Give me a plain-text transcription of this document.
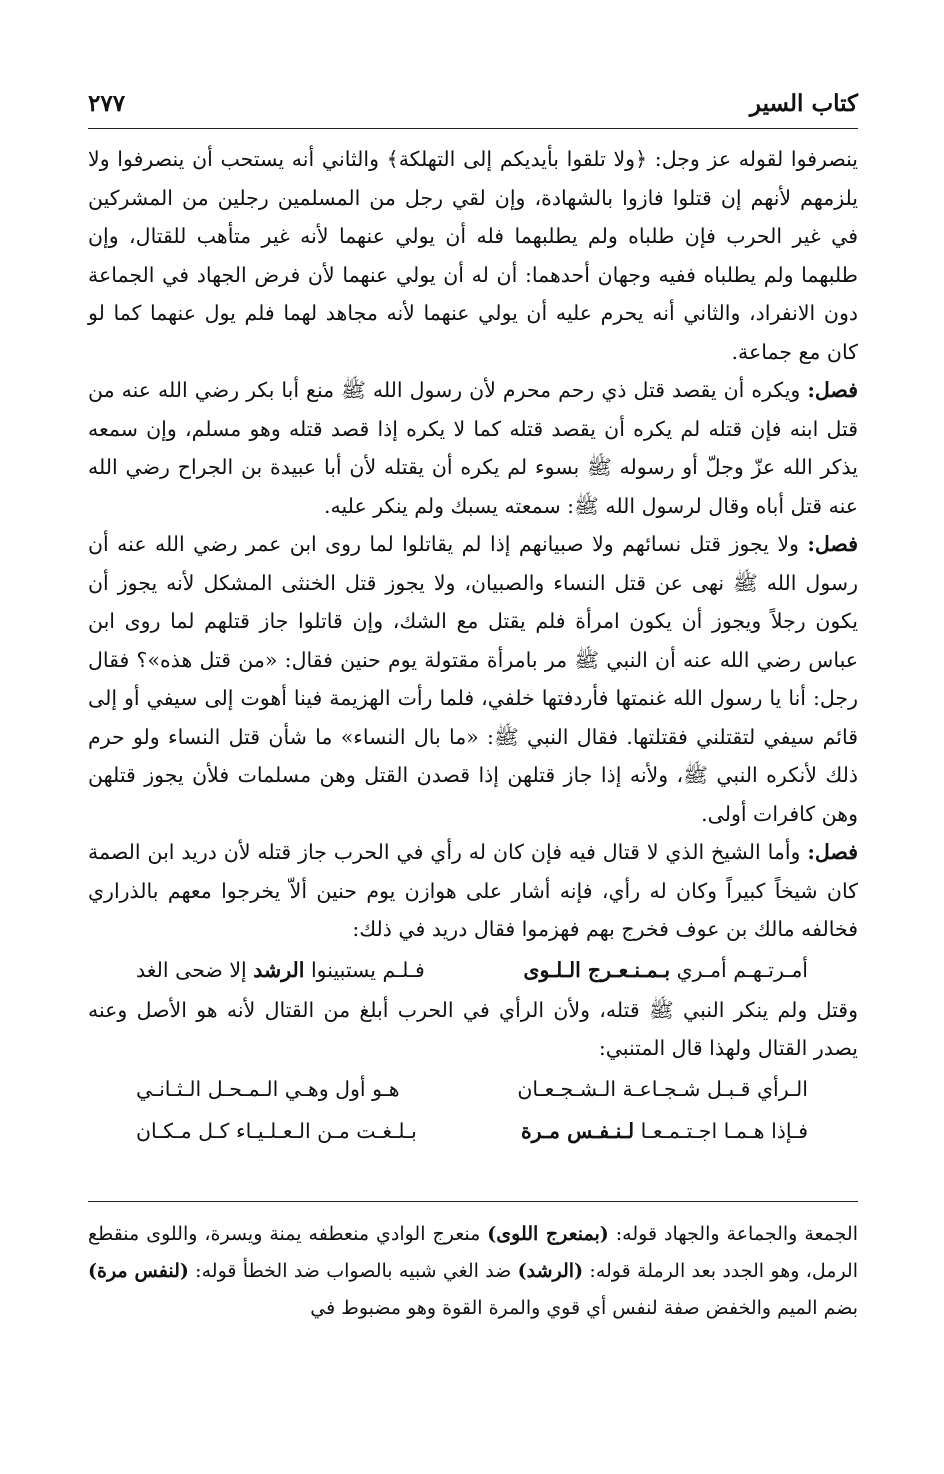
كتاب السير
٢٧٧

ينصرفوا لقوله عز وجل: ﴿ولا تلقوا بأيديكم إلى التهلكة﴾ والثاني أنه يستحب أن ينصرفوا ولا يلزمهم لأنهم إن قتلوا فازوا بالشهادة، وإن لقي رجل من المسلمين رجلين من المشركين في غير الحرب فإن طلباه ولم يطلبهما فله أن يولي عنهما لأنه غير متأهب للقتال، وإن طلبهما ولم يطلباه ففيه وجهان أحدهما: أن له أن يولي عنهما لأن فرض الجهاد في الجماعة دون الانفراد، والثاني أنه يحرم عليه أن يولي عنهما لأنه مجاهد لهما فلم يول عنهما كما لو كان مع جماعة.

فصل: ويكره أن يقصد قتل ذي رحم محرم لأن رسول الله ﷺ منع أبا بكر رضي الله عنه من قتل ابنه فإن قتله لم يكره أن يقصد قتله كما لا يكره إذا قصد قتله وهو مسلم، وإن سمعه يذكر الله عزّ وجلّ أو رسوله ﷺ بسوء لم يكره أن يقتله لأن أبا عبيدة بن الجراح رضي الله عنه قتل أباه وقال لرسول الله ﷺ: سمعته يسبك ولم ينكر عليه.

فصل: ولا يجوز قتل نسائهم ولا صبيانهم إذا لم يقاتلوا لما روى ابن عمر رضي الله عنه أن رسول الله ﷺ نهى عن قتل النساء والصبيان، ولا يجوز قتل الخنثى المشكل لأنه يجوز أن يكون رجلاً ويجوز أن يكون امرأة فلم يقتل مع الشك، وإن قاتلوا جاز قتلهم لما روى ابن عباس رضي الله عنه أن النبي ﷺ مر بامرأة مقتولة يوم حنين فقال: «من قتل هذه»؟ فقال رجل: أنا يا رسول الله غنمتها فأردفتها خلفي، فلما رأت الهزيمة فينا أهوت إلى سيفي أو إلى قائم سيفي لتقتلني فقتلتها. فقال النبي ﷺ: «ما بال النساء» ما شأن قتل النساء ولو حرم ذلك لأنكره النبي ﷺ، ولأنه إذا جاز قتلهن إذا قصدن القتل وهن مسلمات فلأن يجوز قتلهن وهن كافرات أولى.

فصل: وأما الشيخ الذي لا قتال فيه فإن كان له رأي في الحرب جاز قتله لأن دريد ابن الصمة كان شيخاً كبيراً وكان له رأي، فإنه أشار على هوازن يوم حنين ألاّ يخرجوا معهم بالذراري فخالفه مالك بن عوف فخرج بهم فهزموا فقال دريد في ذلك:

أمـرتـهـم أمـري بـمـنـعـرج الـلـوى
فـلـم يستبينوا الرشد إلا ضحى الغد

وقتل ولم ينكر النبي ﷺ قتله، ولأن الرأي في الحرب أبلغ من القتال لأنه هو الأصل وعنه يصدر القتال ولهذا قال المتنبي:

الـرأي قـبـل شـجـاعـة الـشـجـعـان
هـو أول وهـي الـمـحـل الـثـانـي
فـإذا هـمـا اجـتـمـعـا لـنـفـس مـرة
بـلـغـت مـن الـعـلـيـاء كـل مـكـان

الجمعة والجماعة والجهاد قوله: (بمنعرج اللوى) منعرج الوادي منعطفه يمنة ويسرة، واللوى منقطع الرمل، وهو الجدد بعد الرملة قوله: (الرشد) ضد الغي شبيه بالصواب ضد الخطأ قوله: (لنفس مرة) بضم الميم والخفض صفة لنفس أي قوي والمرة القوة وهو مضبوط في
